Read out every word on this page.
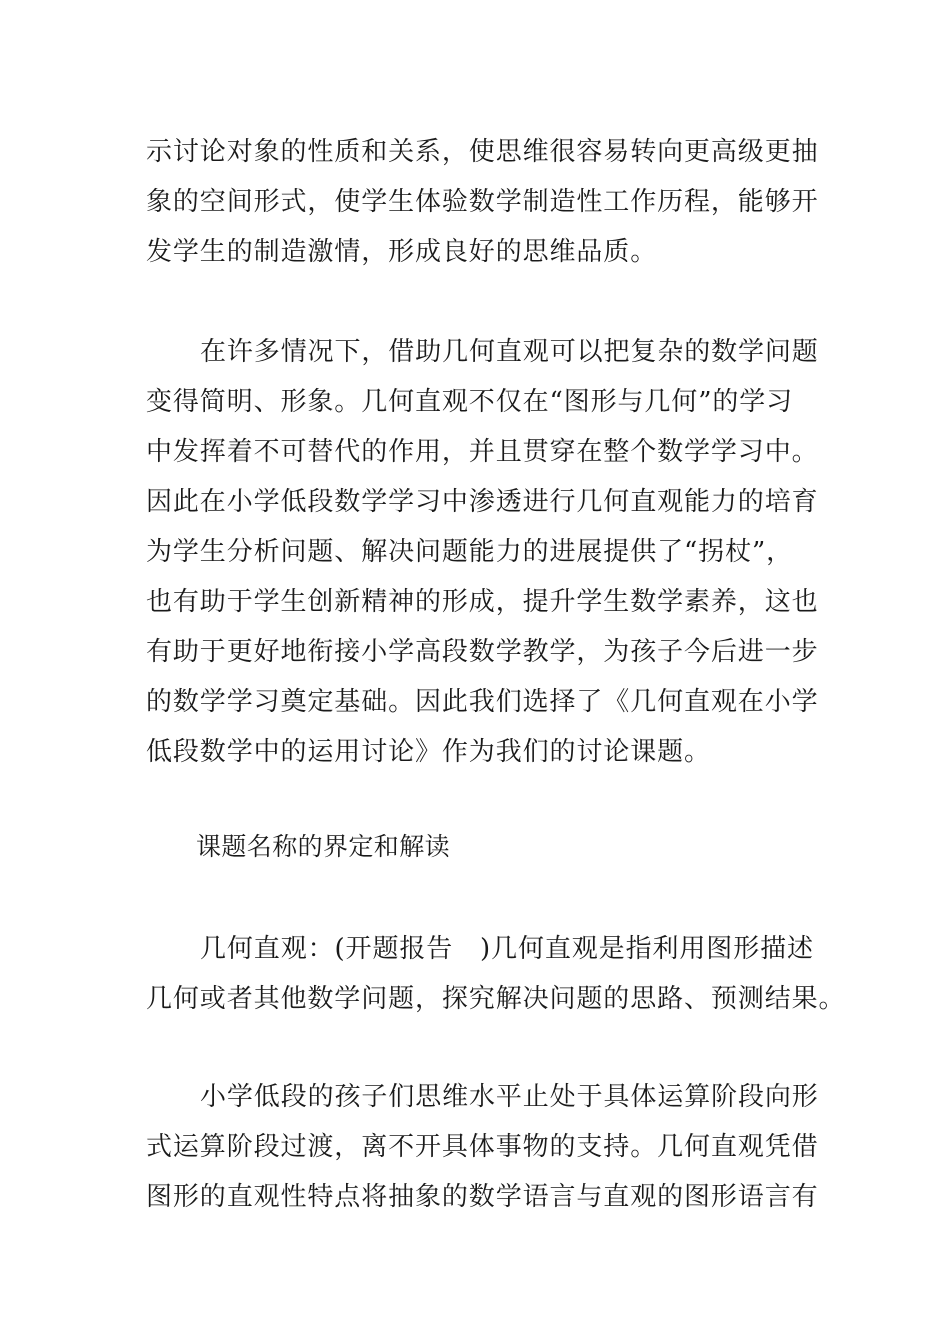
示讨论对象的性质和关系，使思维很容易转向更高级更抽
象的空间形式，使学生体验数学制造性工作历程，能够开
发学生的制造激情，形成良好的思维品质。
在许多情况下，借助几何直观可以把复杂的数学问题
变得简明、形象。几何直观不仅在“图形与几何”的学习
中发挥着不可替代的作用，并且贯穿在整个数学学习中。
因此在小学低段数学学习中渗透进行几何直观能力的培育
为学生分析问题、解决问题能力的进展提供了“拐杖”，
也有助于学生创新精神的形成，提升学生数学素养，这也
有助于更好地衔接小学高段数学教学，为孩子今后进一步
的数学学习奠定基础。因此我们选择了《几何直观在小学
低段数学中的运用讨论》作为我们的讨论课题。
课题名称的界定和解读
几何直观：(开题报告　)几何直观是指利用图形描述
几何或者其他数学问题，探究解决问题的思路、预测结果。
小学低段的孩子们思维水平止处于具体运算阶段向形
式运算阶段过渡，离不开具体事物的支持。几何直观凭借
图形的直观性特点将抽象的数学语言与直观的图形语言有
